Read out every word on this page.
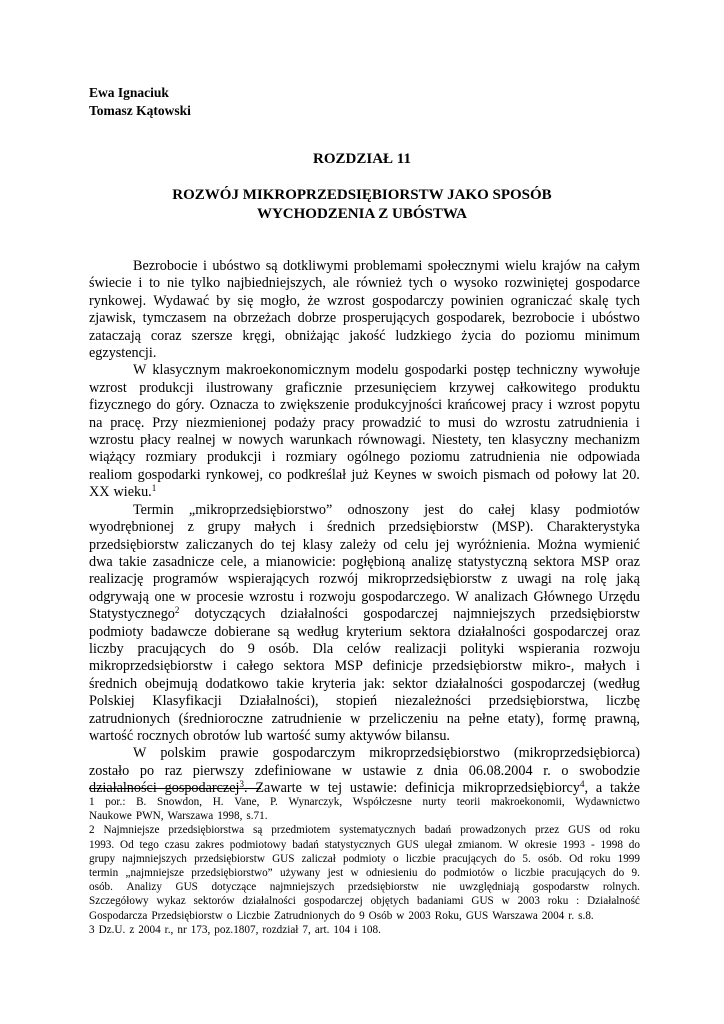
Ewa Ignaciuk
Tomasz Kątowski
ROZDZIAŁ 11
ROZWÓJ MIKROPRZEDSIĘBIORSTW JAKO SPOSÓB
WYCHODZENIA Z UBÓSTWA
Bezrobocie i ubóstwo są dotkliwymi problemami społecznymi wielu krajów na całym
świecie i to nie tylko najbiedniejszych, ale również tych o wysoko rozwiniętej gospodarce
rynkowej. Wydawać by się mogło, że wzrost gospodarczy powinien ograniczać skalę tych
zjawisk, tymczasem na obrzeżach dobrze prosperujących gospodarek, bezrobocie i ubóstwo
zataczają coraz szersze kręgi, obniżając jakość ludzkiego życia do poziomu minimum
egzystencji.
W klasycznym makroekonomicznym modelu gospodarki postęp techniczny wywołuje
wzrost produkcji ilustrowany graficznie przesunięciem krzywej całkowitego produktu
fizycznego do góry. Oznacza to zwiększenie produkcyjności krańcowej pracy i wzrost popytu
na pracę. Przy niezmienionej podaży pracy prowadzić to musi do wzrostu zatrudnienia i
wzrostu płacy realnej w nowych warunkach równowagi. Niestety, ten klasyczny mechanizm
wiążący rozmiary produkcji i rozmiary ogólnego poziomu zatrudnienia nie odpowiada
realiom gospodarki rynkowej, co podkreślał już Keynes w swoich pismach od połowy lat 20.
XX wieku.$^1$
Termin „mikroprzedsiębiorstwo” odnoszony jest do całej klasy podmiotów
wyodrębnionej z grupy małych i średnich przedsiębiorstw (MSP). Charakterystyka
przedsiębiorstw zaliczanych do tej klasy zależy od celu jej wyróżnienia. Można wymienić
dwa takie zasadnicze cele, a mianowicie: pogłębioną analizę statystyczną sektora MSP oraz
realizację programów wspierających rozwój mikroprzedsiębiorstw z uwagi na rolę jaką
odgrywają one w procesie wzrostu i rozwoju gospodarczego. W analizach Głównego Urzędu
Statystycznego$^2$ dotyczących działalności gospodarczej najmniejszych przedsiębiorstw
podmioty badawcze dobierane są według kryterium sektora działalności gospodarczej oraz
liczby pracujących do 9 osób. Dla celów realizacji polityki wspierania rozwoju
mikroprzedsiębiorstw i całego sektora MSP definicje przedsiębiorstw mikro-, małych i
średnich obejmują dodatkowo takie kryteria jak: sektor działalności gospodarczej (według
Polskiej Klasyfikacji Działalności), stopień niezależności przedsiębiorstwa, liczbę
zatrudnionych (średnioroczne zatrudnienie w przeliczeniu na pełne etaty), formę prawną,
wartość rocznych obrotów lub wartość sumy aktywów bilansu.
W polskim prawie gospodarczym mikroprzedsiębiorstwo (mikroprzedsiębiorca)
zostało po raz pierwszy zdefiniowane w ustawie z dnia 06.08.2004 r. o swobodzie
działalności gospodarczej$^3$. Zawarte w tej ustawie: definicja mikroprzedsiębiorcy$^4$, a także
1 por.: B. Snowdon, H. Vane, P. Wynarczyk, Współczesne nurty teorii makroekonomii, Wydawnictwo
Naukowe PWN, Warszawa 1998, s.71.
2 Najmniejsze przedsiębiorstwa są przedmiotem systematycznych badań prowadzonych przez GUS od roku
1993. Od tego czasu zakres podmiotowy badań statystycznych GUS ulegał zmianom. W okresie 1993 - 1998 do
grupy najmniejszych przedsiębiorstw GUS zaliczał podmioty o liczbie pracujących do 5. osób. Od roku 1999
termin „najmniejsze przedsiębiorstwo” używany jest w odniesieniu do podmiotów o liczbie pracujących do 9.
osób. Analizy GUS dotyczące najmniejszych przedsiębiorstw nie uwzględniają gospodarstw rolnych.
Szczegółowy wykaz sektorów działalności gospodarczej objętych badaniami GUS w 2003 roku : Działalność
Gospodarcza Przedsiębiorstw o Liczbie Zatrudnionych do 9 Osób w 2003 Roku, GUS Warszawa 2004 r. s.8.
3 Dz.U. z 2004 r., nr 173, poz.1807, rozdział 7, art. 104 i 108.
